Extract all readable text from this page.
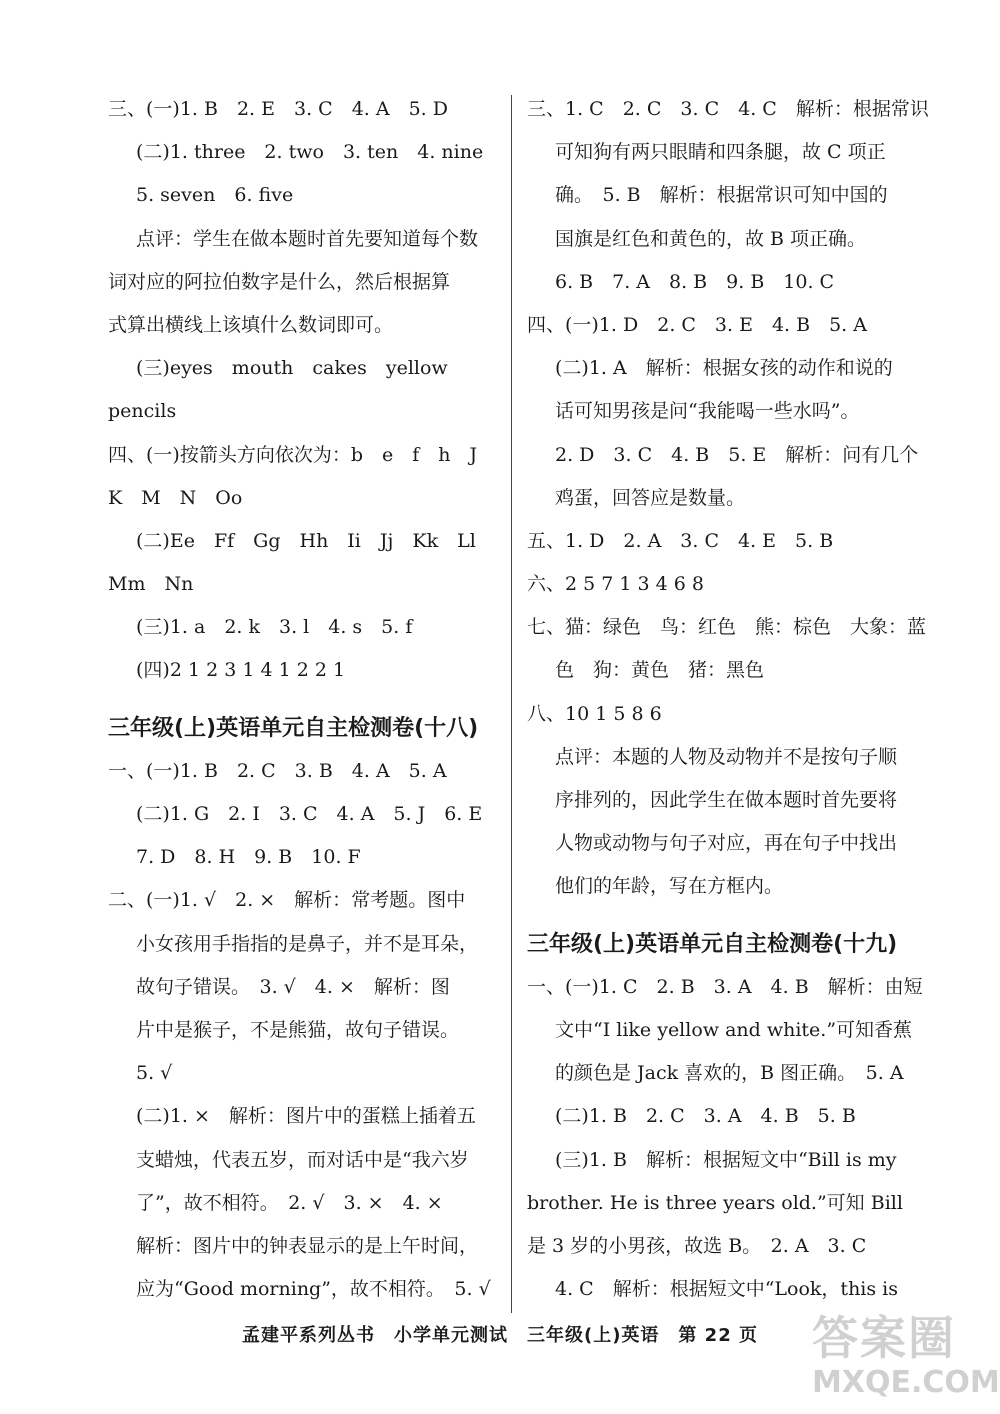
三、(一)1. B　2. E　3. C　4. A　5. D
(二)1. three　2. two　3. ten　4. nine
5. seven　6. five
点评：学生在做本题时首先要知道每个数
词对应的阿拉伯数字是什么，然后根据算
式算出横线上该填什么数词即可。
(三)eyes　mouth　cakes　yellow
pencils
四、(一)按箭头方向依次为：b　e　f　h　J
K　M　N　Oo
(二)Ee　Ff　Gg　Hh　Ii　Jj　Kk　Ll
Mm　Nn
(三)1. a　2. k　3. l　4. s　5. f
(四)2 1 2 3 1 4 1 2 2 1
三年级(上)英语单元自主检测卷(十八)
一、(一)1. B　2. C　3. B　4. A　5. A
(二)1. G　2. I　3. C　4. A　5. J　6. E
7. D　8. H　9. B　10. F
二、(一)1. √　2. ×　解析：常考题。图中
小女孩用手指指的是鼻子，并不是耳朵，
故句子错误。　3. √　4. ×　解析：图
片中是猴子，不是熊猫，故句子错误。
5. √
(二)1. ×　解析：图片中的蛋糕上插着五
支蜡烛，代表五岁，而对话中是“我六岁
了”，故不相符。　2. √　3. ×　4. ×
解析：图片中的钟表显示的是上午时间，
应为“Good morning”，故不相符。　5. √
三、1. C　2. C　3. C　4. C　解析：根据常识
可知狗有两只眼睛和四条腿，故 C 项正
确。　5. B　解析：根据常识可知中国的
国旗是红色和黄色的，故 B 项正确。
6. B　7. A　8. B　9. B　10. C
四、(一)1. D　2. C　3. E　4. B　5. A
(二)1. A　解析：根据女孩的动作和说的
话可知男孩是问“我能喝一些水吗”。
2. D　3. C　4. B　5. E　解析：问有几个
鸡蛋，回答应是数量。
五、1. D　2. A　3. C　4. E　5. B
六、2 5 7 1 3 4 6 8
七、猫：绿色　鸟：红色　熊：棕色　大象：蓝
色　狗：黄色　猪：黑色
八、10 1 5 8 6
点评：本题的人物及动物并不是按句子顺
序排列的，因此学生在做本题时首先要将
人物或动物与句子对应，再在句子中找出
他们的年龄，写在方框内。
三年级(上)英语单元自主检测卷(十九)
一、(一)1. C　2. B　3. A　4. B　解析：由短
文中“I like yellow and white.”可知香蕉
的颜色是 Jack 喜欢的，B 图正确。　5. A
(二)1. B　2. C　3. A　4. B　5. B
(三)1. B　解析：根据短文中“Bill is my
brother. He is three years old.”可知 Bill
是 3 岁的小男孩，故选 B。　2. A　3. C
4. C　解析：根据短文中“Look，this is
孟建平系列丛书　小学单元测试　三年级(上)英语　第 22 页	答案圈
MXQE.COM
